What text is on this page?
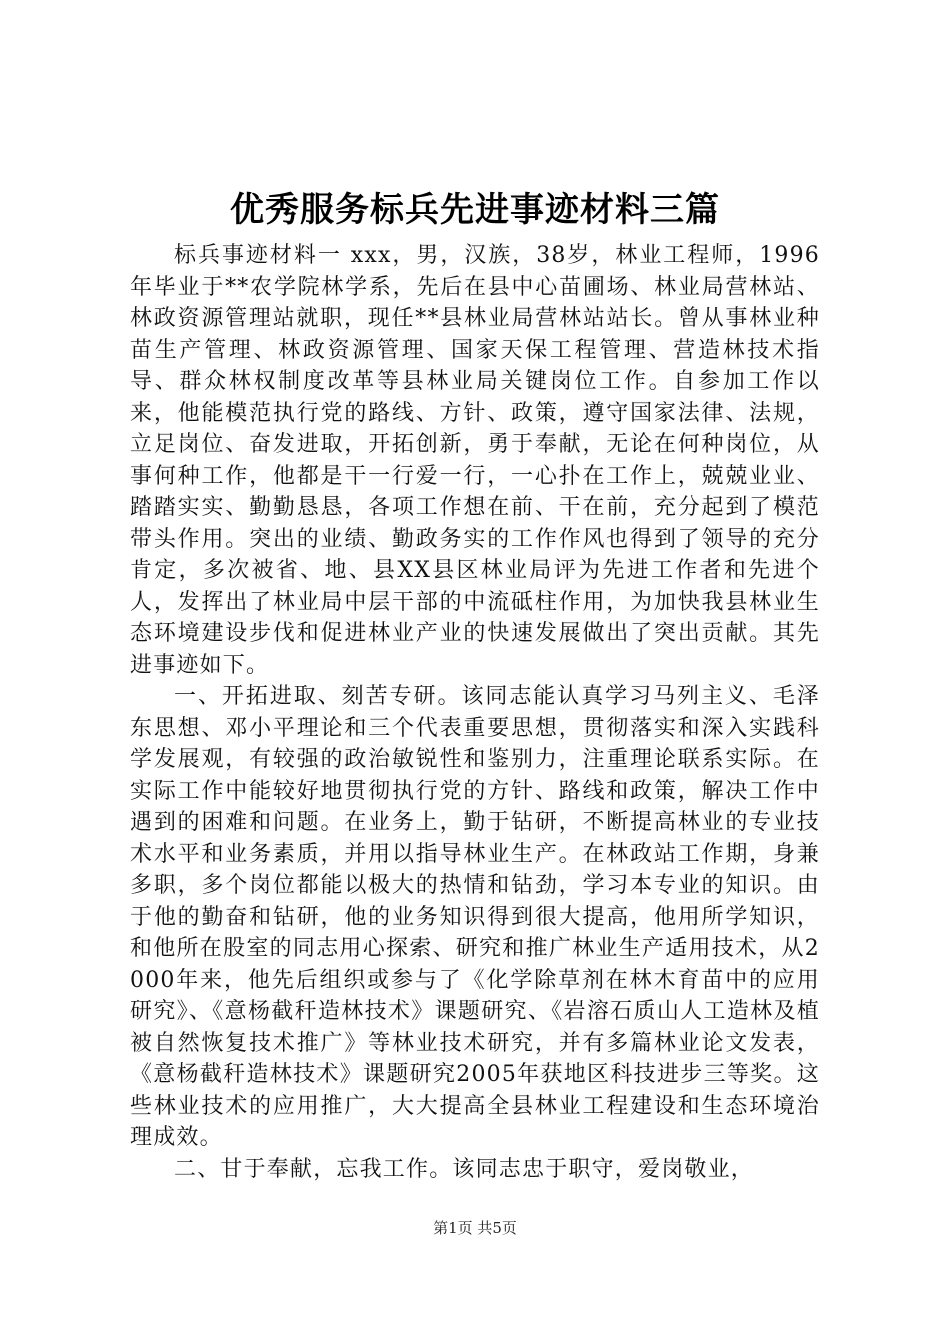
优秀服务标兵先进事迹材料三篇

标兵事迹材料一 xxx，男，汉族，38岁，林业工程师，1996年毕业于**农学院林学系，先后在县中心苗圃场、林业局营林站、林政资源管理站就职，现任**县林业局营林站站长。曾从事林业种苗生产管理、林政资源管理、国家天保工程管理、营造林技术指导、群众林权制度改革等县林业局关键岗位工作。自参加工作以来，他能模范执行党的路线、方针、政策，遵守国家法律、法规，立足岗位、奋发进取，开拓创新，勇于奉献，无论在何种岗位，从事何种工作，他都是干一行爱一行，一心扑在工作上，兢兢业业、踏踏实实、勤勤恳恳，各项工作想在前、干在前，充分起到了模范带头作用。突出的业绩、勤政务实的工作作风也得到了领导的充分肯定，多次被省、地、县XX县区林业局评为先进工作者和先进个人，发挥出了林业局中层干部的中流砥柱作用，为加快我县林业生态环境建设步伐和促进林业产业的快速发展做出了突出贡献。其先进事迹如下。

一、开拓进取、刻苦专研。该同志能认真学习马列主义、毛泽东思想、邓小平理论和三个代表重要思想，贯彻落实和深入实践科学发展观，有较强的政治敏锐性和鉴别力，注重理论联系实际。在实际工作中能较好地贯彻执行党的方针、路线和政策，解决工作中遇到的困难和问题。在业务上，勤于钻研，不断提高林业的专业技术水平和业务素质，并用以指导林业生产。在林政站工作期，身兼多职，多个岗位都能以极大的热情和钻劲，学习本专业的知识。由于他的勤奋和钻研，他的业务知识得到很大提高，他用所学知识，和他所在股室的同志用心探索、研究和推广林业生产适用技术，从2000年来，他先后组织或参与了《化学除草剂在林木育苗中的应用研究》、《意杨截秆造林技术》课题研究、《岩溶石质山人工造林及植被自然恢复技术推广》等林业技术研究，并有多篇林业论文发表，《意杨截秆造林技术》课题研究2005年获地区科技进步三等奖。这些林业技术的应用推广，大大提高全县林业工程建设和生态环境治理成效。

二、甘于奉献，忘我工作。该同志忠于职守，爱岗敬业，

第1页 共5页
